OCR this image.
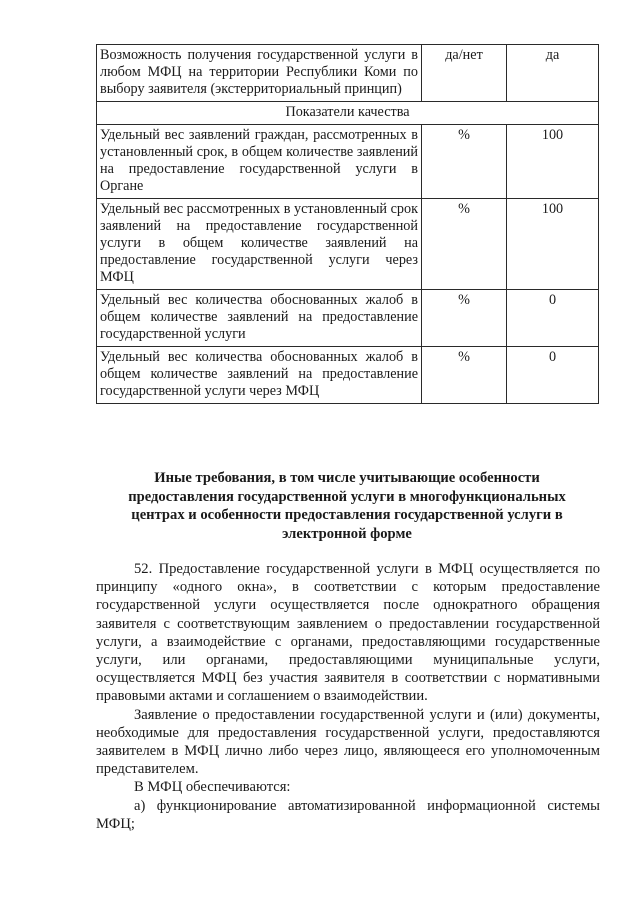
Возможность получения государственной услуги в любом МФЦ на территории Республики Коми по выбору заявителя (экстерриториальный принцип)	да/нет	да
Показатели качества		
Удельный вес заявлений граждан, рассмотренных в установленный срок, в общем количестве заявлений на предоставление государственной услуги в Органе	%	100
Удельный вес рассмотренных в установленный срок заявлений на предоставление государственной услуги в общем количестве заявлений на предоставление государственной услуги через МФЦ	%	100
Удельный вес количества обоснованных жалоб в общем количестве заявлений на предоставление государственной услуги	%	0
Удельный вес количества обоснованных жалоб в общем количестве заявлений на предоставление государственной услуги через МФЦ	%	0
Иные требования, в том числе учитывающие особенности предоставления государственной услуги в многофункциональных центрах и особенности предоставления государственной услуги в электронной форме

52. Предоставление государственной услуги в МФЦ осуществляется по принципу «одного окна», в соответствии с которым предоставление государственной услуги осуществляется после однократного обращения заявителя с соответствующим заявлением о предоставлении государственной услуги, а взаимодействие с органами, предоставляющими государственные услуги, или органами, предоставляющими муниципальные услуги, осуществляется МФЦ без участия заявителя в соответствии с нормативными правовыми актами и соглашением о взаимодействии.

Заявление о предоставлении государственной услуги и (или) документы, необходимые для предоставления государственной услуги, предоставляются заявителем в МФЦ лично либо через лицо, являющееся его уполномоченным представителем.

В МФЦ обеспечиваются:

а) функционирование автоматизированной информационной системы МФЦ;
